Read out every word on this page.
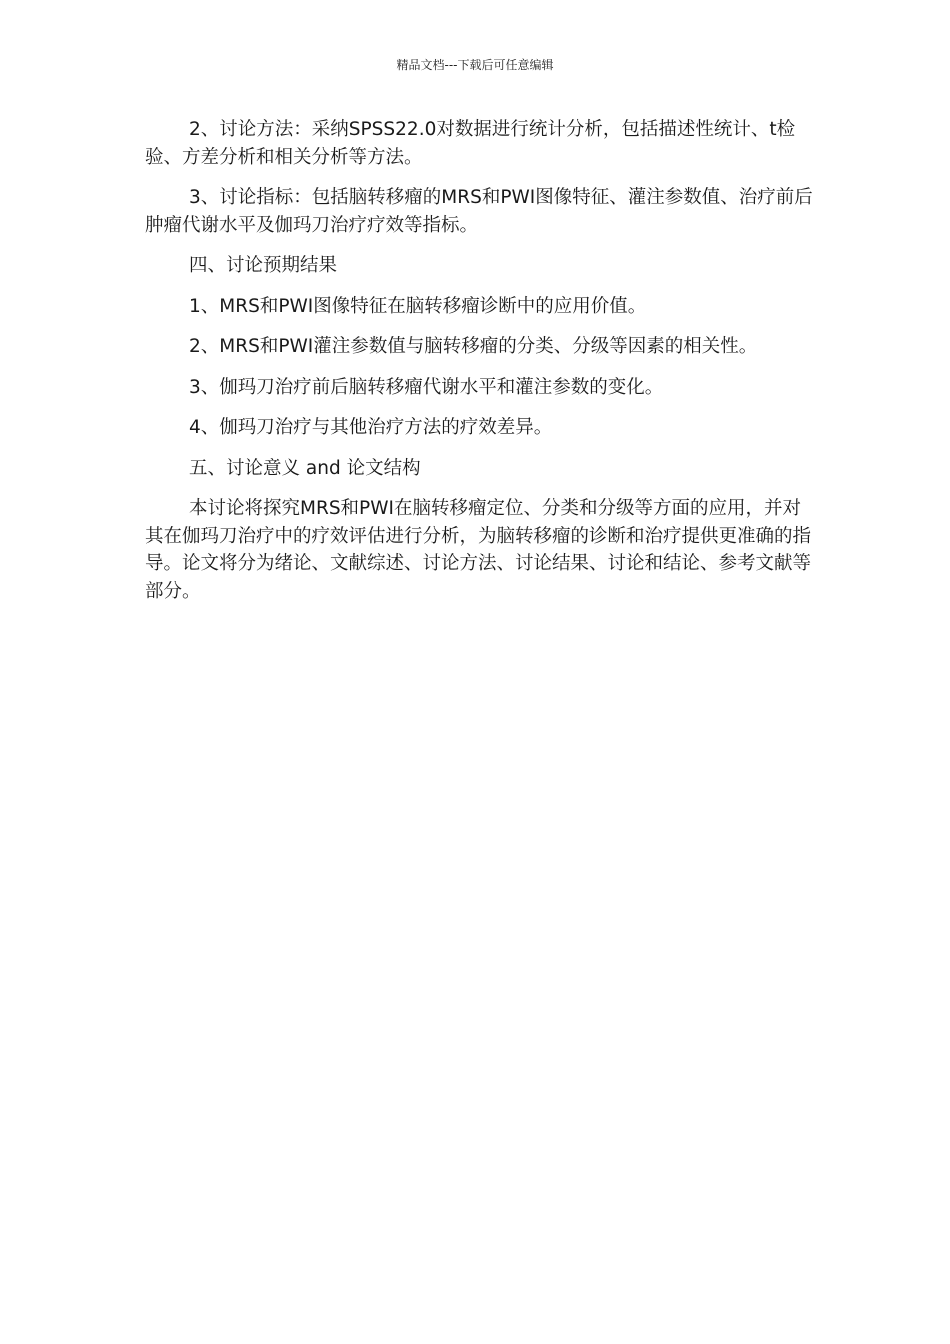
精品文档---下载后可任意编辑

2、讨论方法：采纳SPSS22.0对数据进行统计分析，包括描述性统计、t检验、方差分析和相关分析等方法。

3、讨论指标：包括脑转移瘤的MRS和PWI图像特征、灌注参数值、治疗前后肿瘤代谢水平及伽玛刀治疗疗效等指标。

四、讨论预期结果

1、MRS和PWI图像特征在脑转移瘤诊断中的应用价值。

2、MRS和PWI灌注参数值与脑转移瘤的分类、分级等因素的相关性。

3、伽玛刀治疗前后脑转移瘤代谢水平和灌注参数的变化。

4、伽玛刀治疗与其他治疗方法的疗效差异。

五、讨论意义 and 论文结构

本讨论将探究MRS和PWI在脑转移瘤定位、分类和分级等方面的应用，并对其在伽玛刀治疗中的疗效评估进行分析，为脑转移瘤的诊断和治疗提供更准确的指导。论文将分为绪论、文献综述、讨论方法、讨论结果、讨论和结论、参考文献等部分。
